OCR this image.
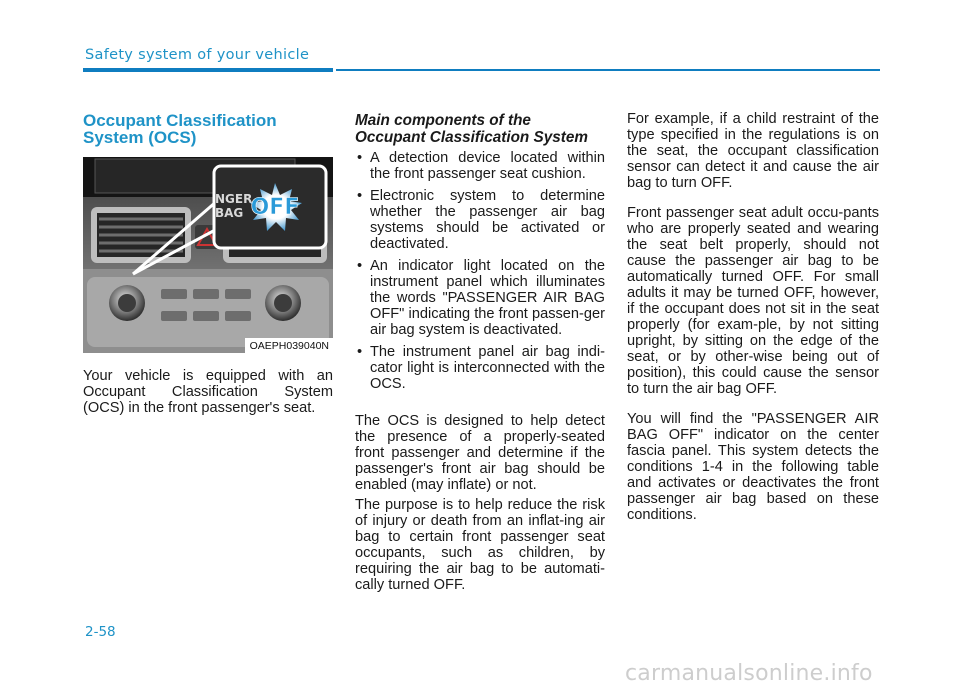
Safety system of your vehicle
Occupant Classification System (OCS)
NGER
BAG OFF
OAEPH039040N

Your vehicle is equipped with an Occupant Classification System (OCS) in the front passenger's seat.

Main components of the Occupant Classification System
• A detection device located within the front passenger seat cushion.
• Electronic system to determine whether the passenger air bag systems should be activated or deactivated.
• An indicator light located on the instrument panel which illuminates the words "PASSENGER AIR BAG OFF" indicating the front passen-ger air bag system is deactivated.
• The instrument panel air bag indi-cator light is interconnected with the OCS.

The OCS is designed to help detect the presence of a properly-seated front passenger and determine if the passenger's front air bag should be enabled (may inflate) or not.

The purpose is to help reduce the risk of injury or death from an inflat-ing air bag to certain front passenger seat occupants, such as children, by requiring the air bag to be automati-cally turned OFF.

For example, if a child restraint of the type specified in the regulations is on the seat, the occupant classification sensor can detect it and cause the air bag to turn OFF.

Front passenger seat adult occu-pants who are properly seated and wearing the seat belt properly, should not cause the passenger air bag to be automatically turned OFF. For small adults it may be turned OFF, however, if the occupant does not sit in the seat properly (for exam-ple, by not sitting upright, by sitting on the edge of the seat, or by other-wise being out of position), this could cause the sensor to turn the air bag OFF.

You will find the "PASSENGER AIR BAG OFF" indicator on the center fascia panel. This system detects the conditions 1-4 in the following table and activates or deactivates the front passenger air bag based on these conditions.

2-58
carmanualsonline.info
